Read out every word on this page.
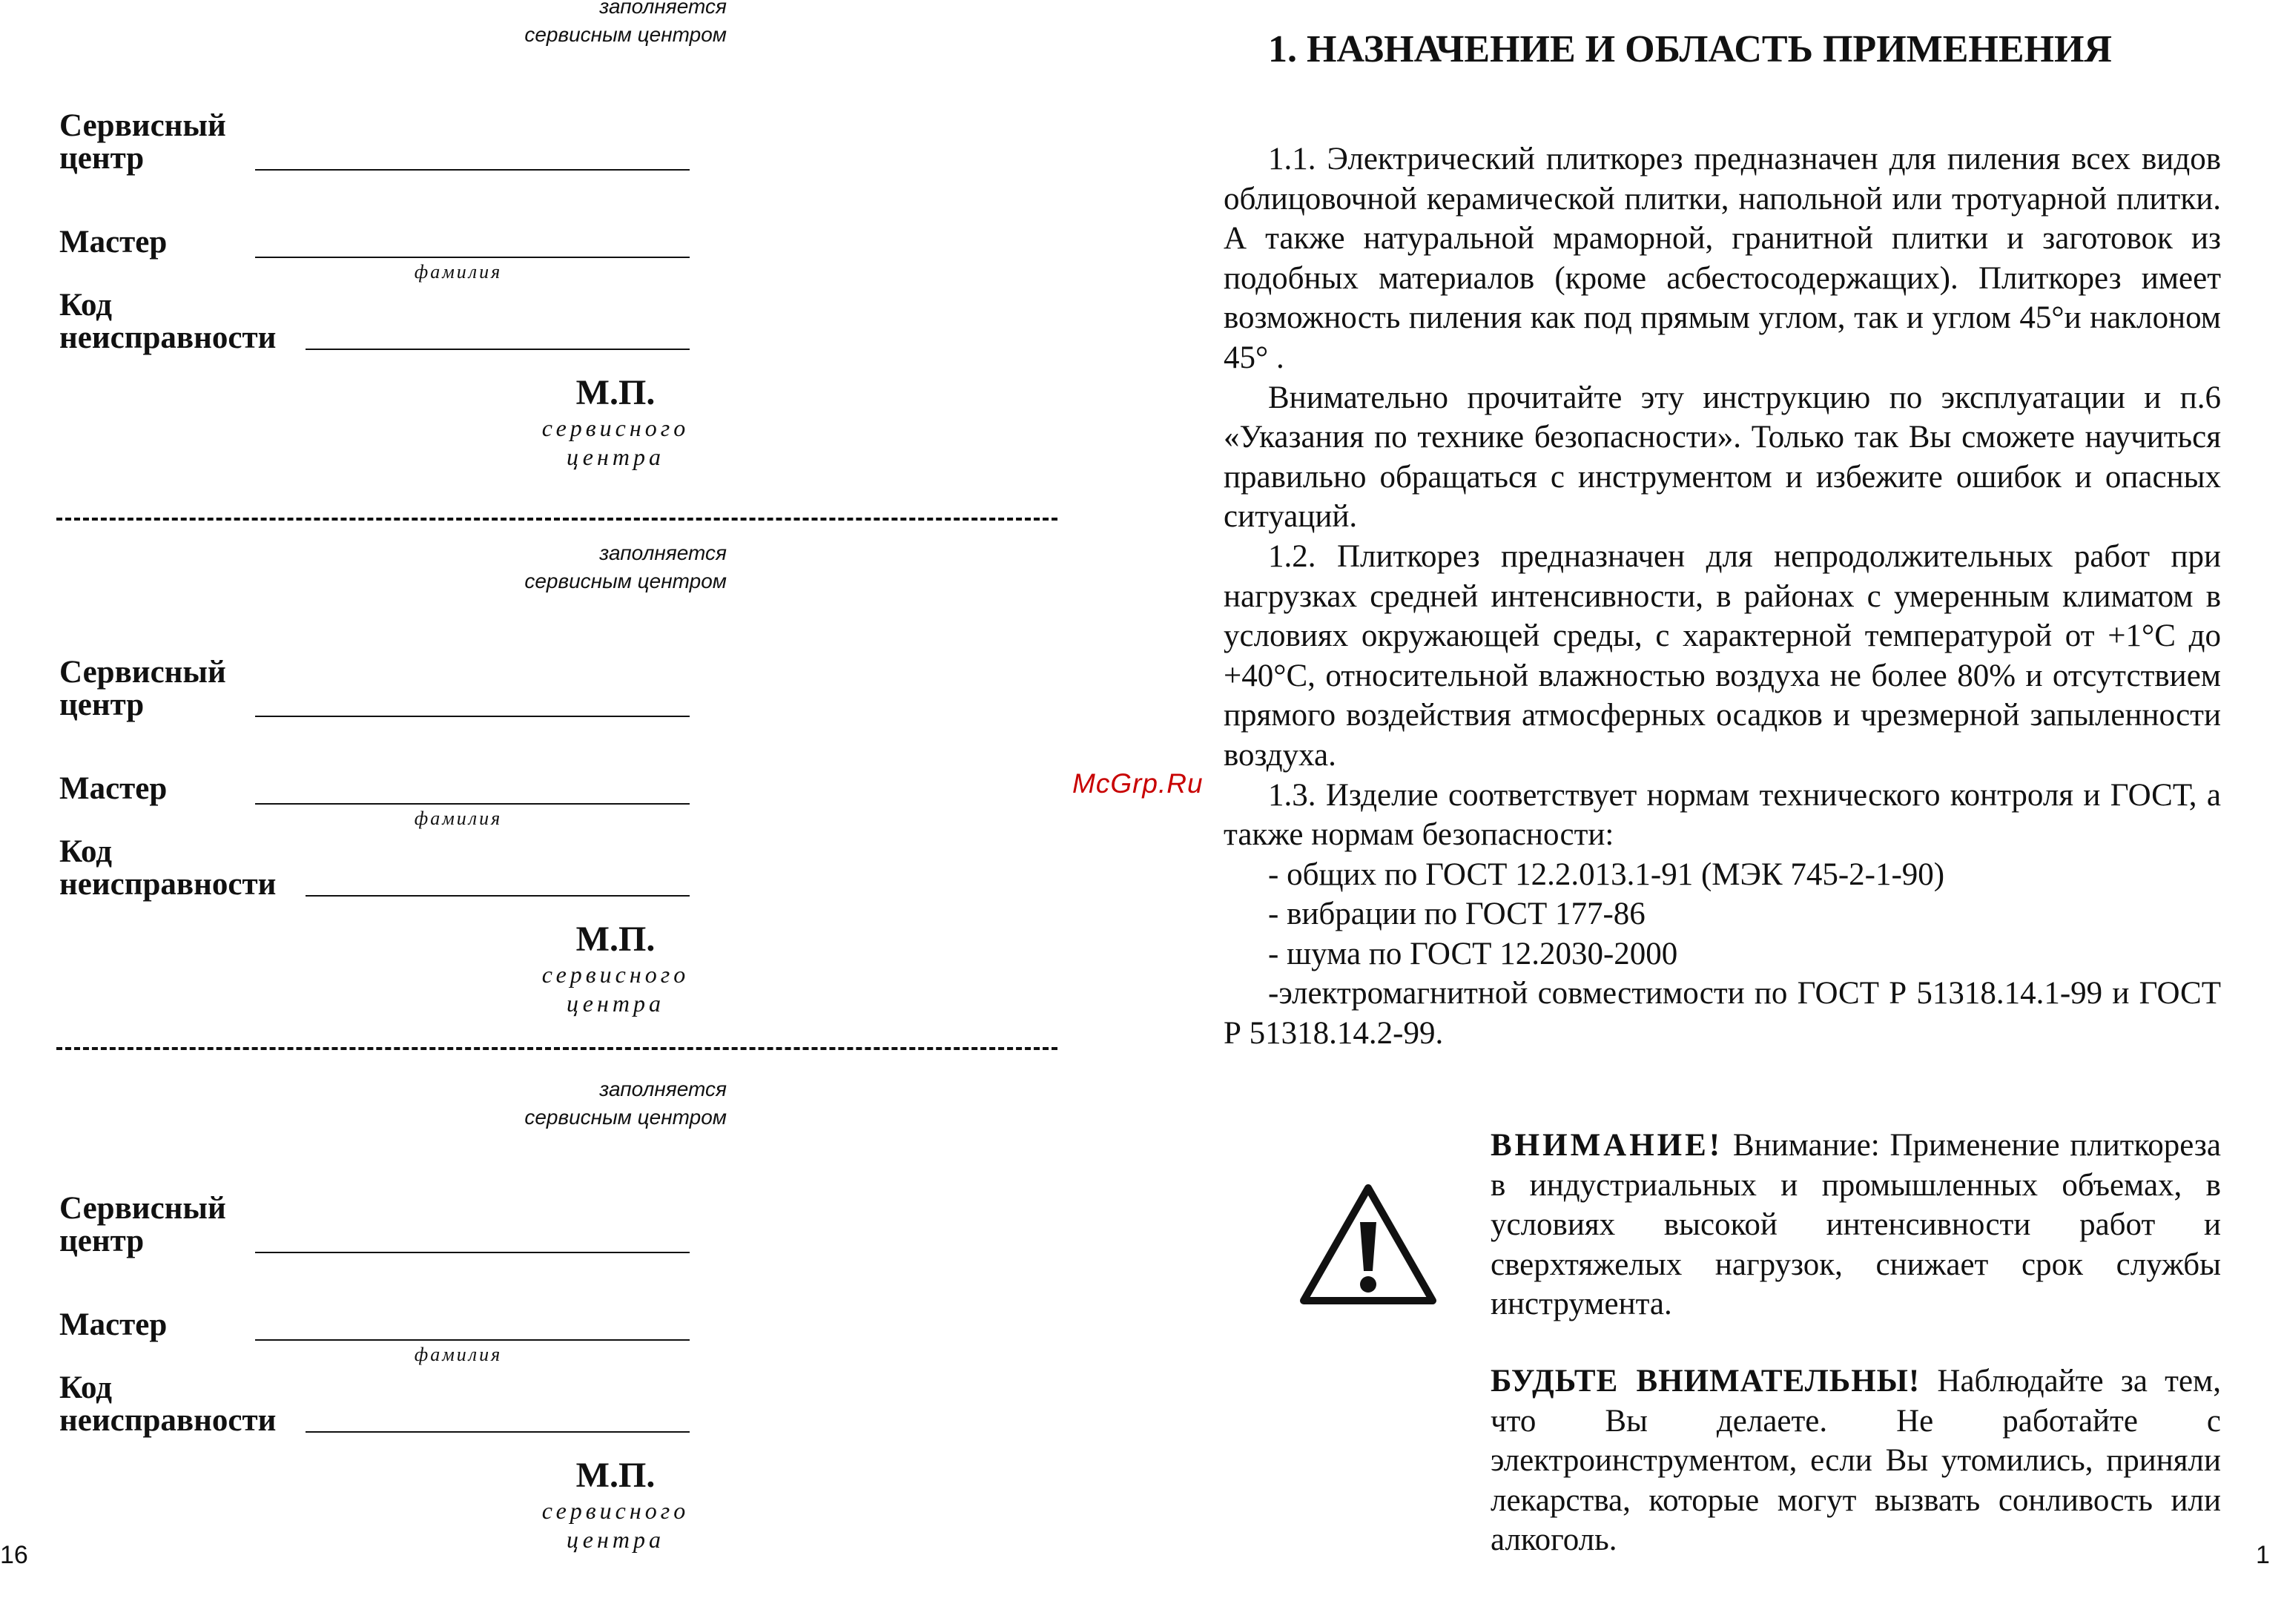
заполняется
сервисным центром
Сервисный
центр
Мастер
фамилия
Код
неисправности
М.П.
сервисного
центра
заполняется
сервисным центром
Сервисный
центр
Мастер
фамилия
Код
неисправности
М.П.
сервисного
центра
заполняется
сервисным центром
Сервисный
центр
Мастер
фамилия
Код
неисправности
М.П.
сервисного
центра
16
McGrp.Ru
1. НАЗНАЧЕНИЕ И ОБЛАСТЬ ПРИМЕНЕНИЯ

1.1. Электрический плиткорез предназначен для пиления всех видов облицовочной керамической плитки, напольной или тротуарной плитки. А также натуральной мраморной, гранитной плитки и заготовок из подобных материалов (кроме асбестосодержащих). Плиткорез имеет возможность пиления как под прямым углом, так и углом 45°и наклоном 45° .

Внимательно прочитайте эту инструкцию по эксплуатации и п.6 «Указания по технике безопасности». Только так Вы сможете научиться правильно обращаться с инструментом и избежите ошибок и опасных ситуаций.

1.2. Плиткорез предназначен для непродолжительных работ при нагрузках средней интенсивности, в районах с умеренным климатом в условиях окружающей среды, с характерной температурой от +1°С до +40°С, относительной влажностью воздуха не более 80% и отсутствием прямого воздействия атмосферных осадков и чрезмерной запыленности воздуха.

1.3. Изделие соответствует нормам технического контроля и ГОСТ, а также нормам безопасности:

- общих по ГОСТ 12.2.013.1-91 (МЭК 745-2-1-90)

- вибрации по ГОСТ 177-86

- шума по ГОСТ 12.2030-2000

-электромагнитной совместимости по ГОСТ Р 51318.14.1-99 и ГОСТ Р 51318.14.2-99.

ВНИМАНИЕ! Внимание: Применение плиткореза в индустриальных и промышленных объемах, в условиях высокой интенсивности работ и сверхтяжелых нагрузок, снижает срок службы инструмента.
БУДЬТЕ ВНИМАТЕЛЬНЫ! Наблюдайте за тем, что Вы делаете. Не работайте с электроинструментом, если Вы утомились, приняли лекарства, которые могут вызвать сонливость или алкоголь.	1
